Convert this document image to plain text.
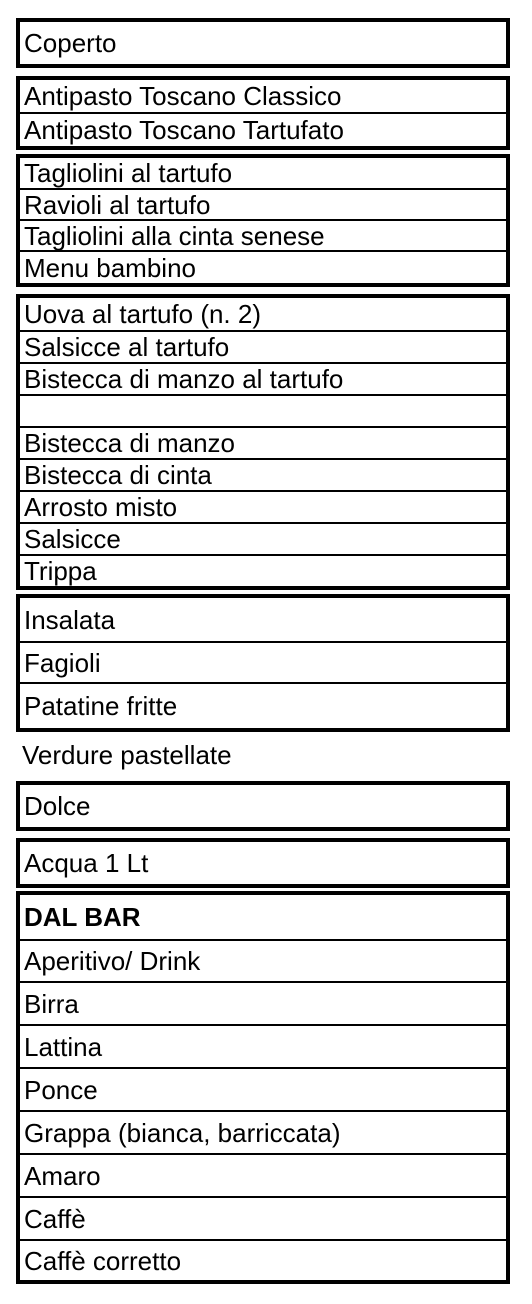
Coperto
Antipasto Toscano Classico
Antipasto Toscano Tartufato
Tagliolini al tartufo
Ravioli al tartufo
Tagliolini alla cinta senese
Menu bambino
Uova al tartufo (n. 2)
Salsicce al tartufo
Bistecca di manzo al tartufo
Bistecca di manzo
Bistecca di cinta
Arrosto misto
Salsicce
Trippa
Insalata
Fagioli
Patatine fritte
Verdure pastellate
Dolce
Acqua 1 Lt
DAL BAR
Aperitivo/ Drink
Birra
Lattina
Ponce
Grappa (bianca, barriccata)
Amaro
Caffè
Caffè corretto
